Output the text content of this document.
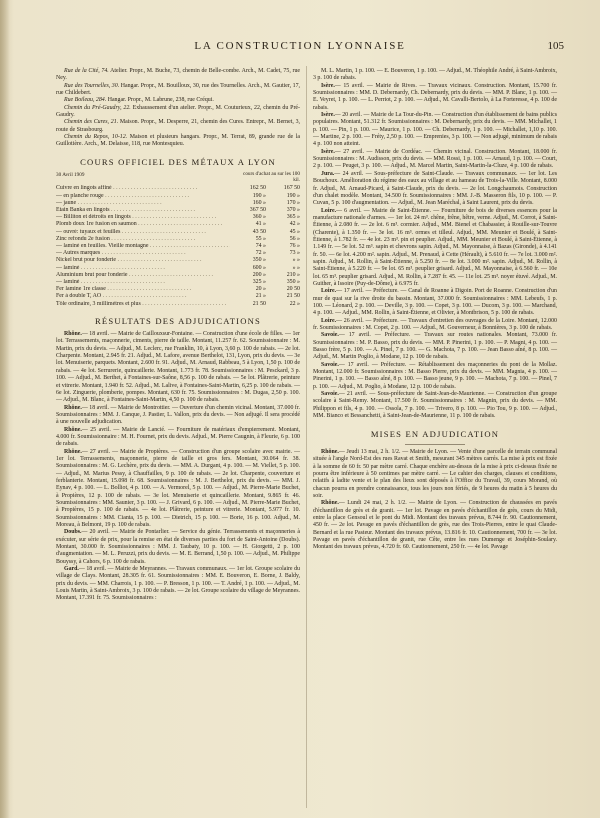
LA CONSTRUCTION LYONNAISE	105

Rue de la Cité, 74. Atelier. Propr., M. Buche, 73, chemin de Belle-combe. Arch., M. Cadet, 75, rue Ney.

Rue des Tournelles, 30. Hangar. Propr., M. Bouilloux, 30, rue des Tournelles. Arch., M. Gautier, 17, rue Childebert.

Rue Boileau, 284. Hangar. Propr., M. Labrune, 238, rue Créqui.

Chemin du Pré-Gaudry, 22. Exhaussement d'un atelier. Propr., M. Couturieux, 22, chemin du Pré-Gaudry.

Chemin des Cures, 21. Maison. Propr., M. Desperre, 21, chemin des Cures. Entrepr., M. Bernet, 3, route de Strasbourg.

Chemin du Repos, 10-12. Maison et plusieurs hangars. Propr., M. Terrat, 89, grande rue de la Guillotière. Arch., M. Delaisse, 118, rue Montesquieu.

COURS OFFICIEL DES MÉTAUX A LYON
30 Avril 1909	cours d'achat au sur les 100 kil.
Cuivre en lingots affiné . . .	162 50	167 50
— en planche rouge . . .	190 »	190 »
— jaune . . .	160 »	170 »
Etain Banka en lingots . . .	367 50	370 »
— Billiton et détroits en lingots . . .	360 »	365 »
Plomb doux 1re fusion en saumon . . .	41 »	42 »
— ouvré: tuyaux et feuilles . . .	43 50	45 »
Zinc refondu 2e fusion . . .	55 »	56 »
— laminé en feuilles. Vieille montagne . . .	74 »	76 »
— Autres marques . . .	72 »	73 »
Nickel brut pour fonderie . . .	350 »	» »
— laminé . . .	600 »	» »
Aluminium brut pour fonderie . . .	200 »	210 »
— laminé . . .	325 »	350 »
Fer lamine 1re classe . . .	20 »	20 50
Fer à double T, AO . . .	21 »	21 50
Tôle ordinaire, 3 millimètres et plus . . .	21 50	22 »
RÉSULTATS DES ADJUDICATIONS

Rhône.— 18 avril. — Mairie de Caillouxsur-Fontaine. — Construction d'une école de filles. — 1er lot. Terrassements, maçonnerie, ciments, pierre de taille. Montant, 11.257 fr. 62. Soumissionnaire : M. Martin, prix du devis. — Adjud., M. Leclerc, rue Franklin, 10, à Lyon, 3,60 p. 100 de rabais. — 2e lot. Charpente. Montant, 2.945 fr. 21. Adjud., M. Lafore, avenue Berthelot, 131, Lyon, prix du devis. — 3e lot. Menuiserie, parquets. Montant, 2.600 fr. 91. Adjud., M. Arnaud, Rabbeau, 5 à Lyon, 1,50 p. 100 de rabais. — 4e lot. Serrurerie, quincaillerie. Montant, 1.773 fr. 78. Soumissionnaires : M. Pesckard, 3 p. 100. — Adjud., M. Berthet, à Fontaines-sur-Saône, 8,56 p. 100 de rabais. — 5e lot. Plâtrerie, peinture et vitrerie. Montant, 1.940 fr. 52. Adjud., M. Lalive, à Fontaines-Saint-Martin, 6,25 p. 100 de rabais. — 6e lot. Zinguerie, plomberie, pompes. Montant, 630 fr. 75. Soumissionnaires : M. Dugas, 2,50 p. 100. — Adjud., M. Blanc, à Fontaines-Saint-Martin, 4,50 p. 100 de rabais.

Rhône.— 18 avril. — Mairie de Montrottier. — Ouverture d'un chemin vicinal. Montant, 37.000 fr. Soumissionnaires : MM. J. Canque, J. Pastier, L. Vallon, prix du devis. — Non adjugé. Il sera procédé à une nouvelle adjudication.

Rhône.— 25 avril. — Mairie de Lancié. — Fourniture de matériaux d'empierrement. Montant, 4.000 fr. Soumissionnaire : M. H. Fournet, prix du devis. Adjud., M. Pierre Caugnin, à Fleurie, 6 p. 100 de rabais.

Rhône.— 27 avril. — Mairie de Propières. — Construction d'un groupe scolaire avec mairie. — 1er lot. Terrassements, maçonnerie, pierre de taille et gros fers. Montant, 30.064 fr. 38. Soumissionnaires : M. G. Lechère, prix du devis. — MM. A. Durgant, 4 p. 100. — M. Viellet, 5 p. 100. — Adjud., M. Marius Pessy, à Chauffailles, 9 p. 100 de rabais. — 2e lot. Charpente, couverture et ferblanterie. Montant, 15.098 fr. 68. Soumissionnaires : M. J. Berthelot, prix du devis. — MM. J. Eynav, 4 p. 100. — L. Bolliot, 4 p. 100. — A. Vermorel, 5 p. 100. — Adjud., M. Pierre-Marie Buchet, à Propières, 12 p. 100 de rabais. — 3e lot. Menuiserie et quincaillerie. Montant, 9.865 fr. 46. Soumissionnaires : MM. Saunier, 3 p. 100. — J. Grivard, 6 p. 100. — Adjud., M. Pierre-Marie Buchet, à Propières, 15 p. 100 de rabais. — 4e lot. Plâtrerie, peinture et vitrerie. Montant, 5.977 fr. 10. Soumissionnaires : MM. Cianta, 15 p. 100. — Dietrich, 15 p. 100. — Borie, 16 p. 100. Adjud., M. Moreau, à Belmont, 19 p. 100 de rabais.

Doubs.— 20 avril. — Mairie de Pontarlier. — Service du génie. Terrassements et maçonneries à exécuter, sur série de prix, pour la remise en état de diverses parties du fort de Saint-Antoine (Doubs). Montant, 30.000 fr. Soumissionnaires : MM. J. Taubaty, 10 p. 100. — H. Giorgetti, 2 p. 100 d'augmentation. — M. L. Peruzzi, prix du devis. — M. E. Berrand, 1,50 p. 100. — Adjud., M. Philippe Bouyssy, à Cahors, 6 p. 100 de rabais.

Gard.— 18 avril. — Mairie de Meyrannes. — Travaux communaux. — 1er lot. Groupe scolaire du village de Clays. Montant, 28.305 fr. 61. Soumissionnaires : MM. E. Bouveron, E. Borne, J. Baldy, prix du devis. — MM. Charrois, 1 p. 100. — P. Bresson, 1 p. 100. — T. André, 1 p. 100. — Adjud., M. Louis Martin, à Saint-Ambroix, 3 p. 100 de rabais. — 2e lot. Groupe scolaire du village de Meyrannes. Montant, 17.391 fr. 75. Soumissionnaires :

M. L. Martin, 1 p. 100. — E. Bouveron, 1 p. 100. — Adjud., M. Théophile André, à Saint-Ambroix, 3 p. 100 de rabais.

Isère.— 15 avril. — Mairie de Rives. — Travaux vicinaux. Construction. Montant, 15.700 fr. Soumissionnaires : MM. D. Debernardy, Ch. Debernardy, prix du devis. — MM. P. Blanc, 1 p. 100. — E. Veyret, 1 p. 100. — L. Perriot, 2 p. 100. — Adjud., M. Cavalli-Bertolo, à La Forteresse, 4 p. 100 de rabais.

Isère.— 20 avril. — Mairie de La Tour-du-Pin. — Construction d'un établissement de bains publics populaires. Montant, 51.312 fr. Soumissionnaires : M. Debernardy, prix du devis. — MM. Michallet, 1 p. 100. — Pin, 1 p. 100. — Maurice, 1 p. 100. — Ch. Debernardy, 1 p. 100. — Michallet, 1,10 p. 100. — Martine, 2 p. 100. — Fréty, 2,50 p. 100. — Emprenies, 3 p. 100. — Non adjugé, minimum de rabais 4 p. 100 non atteint.

Isère.— 27 avril. — Mairie de Cordéac. — Chemin vicinal. Construction. Montant, 18.000 fr. Soumissionnaires : M. Audisson, prix du devis. — MM. Rossi, 1 p. 100. — Arnaud, 1 p. 100. — Court, 2 p. 100. — Peuget, 3 p. 100. — Adjud., M. Marcel Martin, Saint-Martin-la-Cluze, 4 p. 100 de rabais.

Jura.— 24 avril. — Sous-préfecture de Saint-Claude. — Travaux communaux. — 1er lot. Les Bouchoux. Amélioration du régime des eaux au village et au hameau de Trois-la-Ville. Montant, 8.000 fr. Adjud., M. Arnaud-Picard, à Saint-Claude, prix du devis. — 2e lot. Longchaumois. Construction d'un chalet modèle. Montant, 34.500 fr. Soumissionnaires : MM. J.-B. Masseron fils, 10 p. 100. — P. Cuvan, 5 p. 100 d'augmentation. — Adjud., M. Jean Maréchal, à Saint Laurent, prix du devis.

Loire.— 6 avril. — Mairie de Saint-Étienne. — Fourniture de bois de diverses essences pour la manufacture nationale d'armes. — 1er lot. 24 m³. chêne, frêne, hêtre, verne. Adjud., M. Corrot, à Saint-Étienne, à 2.080 fr. — 2e lot. 6 m³. cormier. Adjud., MM. Bienel et Chabassier, à Rouille-sur-Touvre (Charente), à 1.350 fr. — 3e lot. 16 m³. ormes et tilleul. Adjud., MM. Meunier et Boulé, à Saint-Étienne, à 1.782 fr. — 4e lot. 23 m³. pin et peuplier. Adjud., MM. Meunier et Boulé, à Saint-Étienne, à 1.149 fr. — 5e lot. 52 m³. sapin et chevrons sapin. Adjud., M. Mayonnaise, à Bazas (Gironde), à 4.141 fr. 50. — 6e lot. 4.200 m². sapin. Adjud., M. Prenaud, à Cette (Hérault), à 5.610 fr. — 7e lot. 3.000 m². sapin. Adjud., M. Rollin, à Saint-Étienne, à 5.250 fr. — 8e lot. 3.000 m². sapin. Adjud., M. Rollin, à Saint-Étienne, à 5.220 fr. — 9e lot. 65 m³. peuplier grisard. Adjud., M. Mayonnaise, à 6.560 fr. — 10e lot. 65 m³. peuplier grisard. Adjud., M. Rollin, à 7.287 fr. 45. — 11e lot. 25 m³. noyer étuvé. Adjud., M. Guither, à Issoire (Puy-de-Dôme), à 6.975 fr.

Loire.— 17 avril. — Préfecture. — Canal de Roanne à Digoin. Port de Roanne. Construction d'un mur de quai sur la rive droite du bassin. Montant, 37.000 fr. Soumissionnaires : MM. Lebeufs, 1 p. 100. — Léonard, 2 p. 100. — Deville, 3 p. 100. — Copet, 3 p. 100. — Ducom, 3 p. 100. — Marchand, 4 p. 100. — Adjud., MM. Rollin, à Saint-Étienne, et Olivier, à Montbrison, 5 p. 100 de rabais.

Loire.— 26 avril. — Préfecture. — Travaux d'entretien des ouvrages de la Loire. Montant, 12.000 fr. Soumissionnaires : M. Copet, 2 p. 100. — Adjud., M. Gouverneur, à Bonnières, 3 p. 100 de rabais.

Savoie.— 17 avril. — Préfecture. — Travaux sur routes nationales. Montant, 73.000 fr. Soumissionnaires : M. P. Basso, prix du devis. — MM. P. Pinerini, 1 p. 100. — P. Magni, 4 p. 100. — Basso frère, 5 p. 100. — A. Pinel, 7 p. 100. — G. Machota, 7 p. 100. — Jean Basso aîné, 8 p. 100. — Adjud., M. Martin Poglio, à Modane, 12 p. 100 de rabais.

Savoie.— 17 avril. — Préfecture. — Rétablissement des maçonneries du pont de la Mollaz. Montant, 12.000 fr. Soumissionnaires : M. Basso Pierre, prix du devis. — MM. Magnia, 4 p. 100. — Pinerini, 1 p. 100. — Basso aîné, 8 p. 100. — Basso jeune, 9 p. 100. — Machota, 7 p. 100. — Pinel, 7 p. 100. — Adjud., M. Poglio, à Modane, 12 p. 100 de rabais.

Savoie.— 21 avril. — Sous-préfecture de Saint-Jean-de-Maurienne. — Construction d'un groupe scolaire à Saint-Remy. Montant, 17.500 fr. Soumissionnaires : M. Magnin, prix du devis. — MM. Philippon et fils, 4 p. 100. — Ossola, 7 p. 100. — Trivero, 8 p. 100. — Pio Tou, 9 p. 100. — Adjud., MM. Bianco et Bessanchetti, à Saint-Jean-de-Maurienne, 11 p. 100 de rabais.

MISES EN ADJUDICATION

Rhône.— Jeudi 13 mai, 2 h. 1/2. — Mairie de Lyon. — Vente d'une parcelle de terrain communal située à l'angle Nord-Est des rues Ravat et Smith, mesurant 345 mètres carrés. La mise à prix est fixée à la somme de 60 fr. 50 par mètre carré. Chaque enchère au-dessus de la mise à prix ci-dessus fixée ne pourra être inférieure à 50 centimes par mètre carré. — Le cahier des charges, clauses et conditions, relatifs à ladite vente et le plan des lieux sont déposés à l'Office du Travail, 39, cours Morand, où chacun pourra en prendre connaissance, tous les jours non fériés, de 9 heures du matin à 5 heures du soir.

Rhône.— Lundi 24 mai, 2 h. 1/2. — Mairie de Lyon. — Construction de chaussées en pavés d'échantillon de grès et de granit. — 1er lot. Pavage en pavés d'échantillon de grès, cours du Midi, entre la place Gensoul et le pont du Midi. Montant des travaux prévus, 8.744 fr. 90. Cautionnement, 450 fr. — 2e lot. Pavage en pavés d'échantillon de grès, rue des Trois-Pierres, entre le quai Claude-Bernard et la rue Pasteur. Montant des travaux prévus, 13.816 fr. 10. Cautionnement, 700 fr. — 3e lot. Pavage en pavés d'échantillon de granit, rue Cête, entre les rues Dumenge et Joséphin-Soulary. Montant des travaux prévus, 4.720 fr. 60. Cautionnement, 250 fr. — 4e lot. Pavage
